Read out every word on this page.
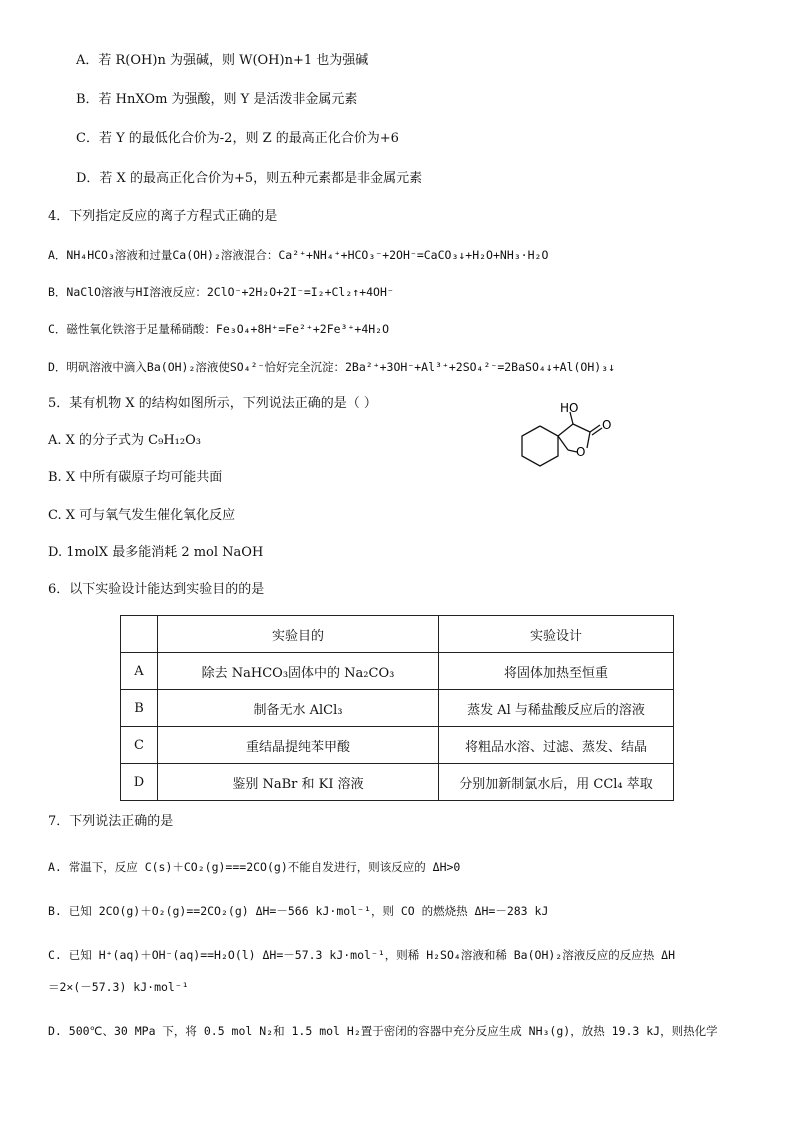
A．若 R(OH)n 为强碱，则 W(OH)n+1 也为强碱
B．若 HnXOm 为强酸，则 Y 是活泼非金属元素
C．若 Y 的最低化合价为-2，则 Z 的最高正化合价为+6
D．若 X 的最高正化合价为+5，则五种元素都是非金属元素
4．下列指定反应的离子方程式正确的是
A．NH₄HCO₃溶液和过量Ca(OH)₂溶液混合：Ca²⁺+NH₄⁺+HCO₃⁻+2OH⁻=CaCO₃↓+H₂O+NH₃·H₂O
B．NaClO溶液与HI溶液反应：2ClO⁻+2H₂O+2I⁻=I₂+Cl₂↑+4OH⁻
C．磁性氧化铁溶于足量稀硝酸：Fe₃O₄+8H⁺=Fe²⁺+2Fe³⁺+4H₂O
D．明矾溶液中滴入Ba(OH)₂溶液使SO₄²⁻恰好完全沉淀：2Ba²⁺+3OH⁻+Al³⁺+2SO₄²⁻=2BaSO₄↓+Al(OH)₃↓
5．某有机物 X 的结构如图所示，下列说法正确的是（ ）
A. X 的分子式为 C₉H₁₂O₃
B. X 中所有碳原子均可能共面
C. X 可与氧气发生催化氧化反应
D. 1molX 最多能消耗 2 mol NaOH
HO
O
O
6．以下实验设计能达到实验目的的是
	实验目的	实验设计
A	除去 NaHCO₃固体中的 Na₂CO₃	将固体加热至恒重
B	制备无水 AlCl₃	蒸发 Al 与稀盐酸反应后的溶液
C	重结晶提纯苯甲酸	将粗品水溶、过滤、蒸发、结晶
D	鉴别 NaBr 和 KI 溶液	分别加新制氯水后，用 CCl₄ 萃取
7．下列说法正确的是
A. 常温下，反应 C(s)＋CO₂(g)===2CO(g)不能自发进行，则该反应的 ΔH>0
B. 已知 2CO(g)＋O₂(g)==2CO₂(g) ΔH=－566 kJ·mol⁻¹，则 CO 的燃烧热 ΔH=－283 kJ
C. 已知 H⁺(aq)＋OH⁻(aq)==H₂O(l) ΔH=－57.3 kJ·mol⁻¹，则稀 H₂SO₄溶液和稀 Ba(OH)₂溶液反应的反应热 ΔH
＝2×(－57.3) kJ·mol⁻¹
D. 500℃、30 MPa 下，将 0.5 mol N₂和 1.5 mol H₂置于密闭的容器中充分反应生成 NH₃(g)，放热 19.3 kJ，则热化学
